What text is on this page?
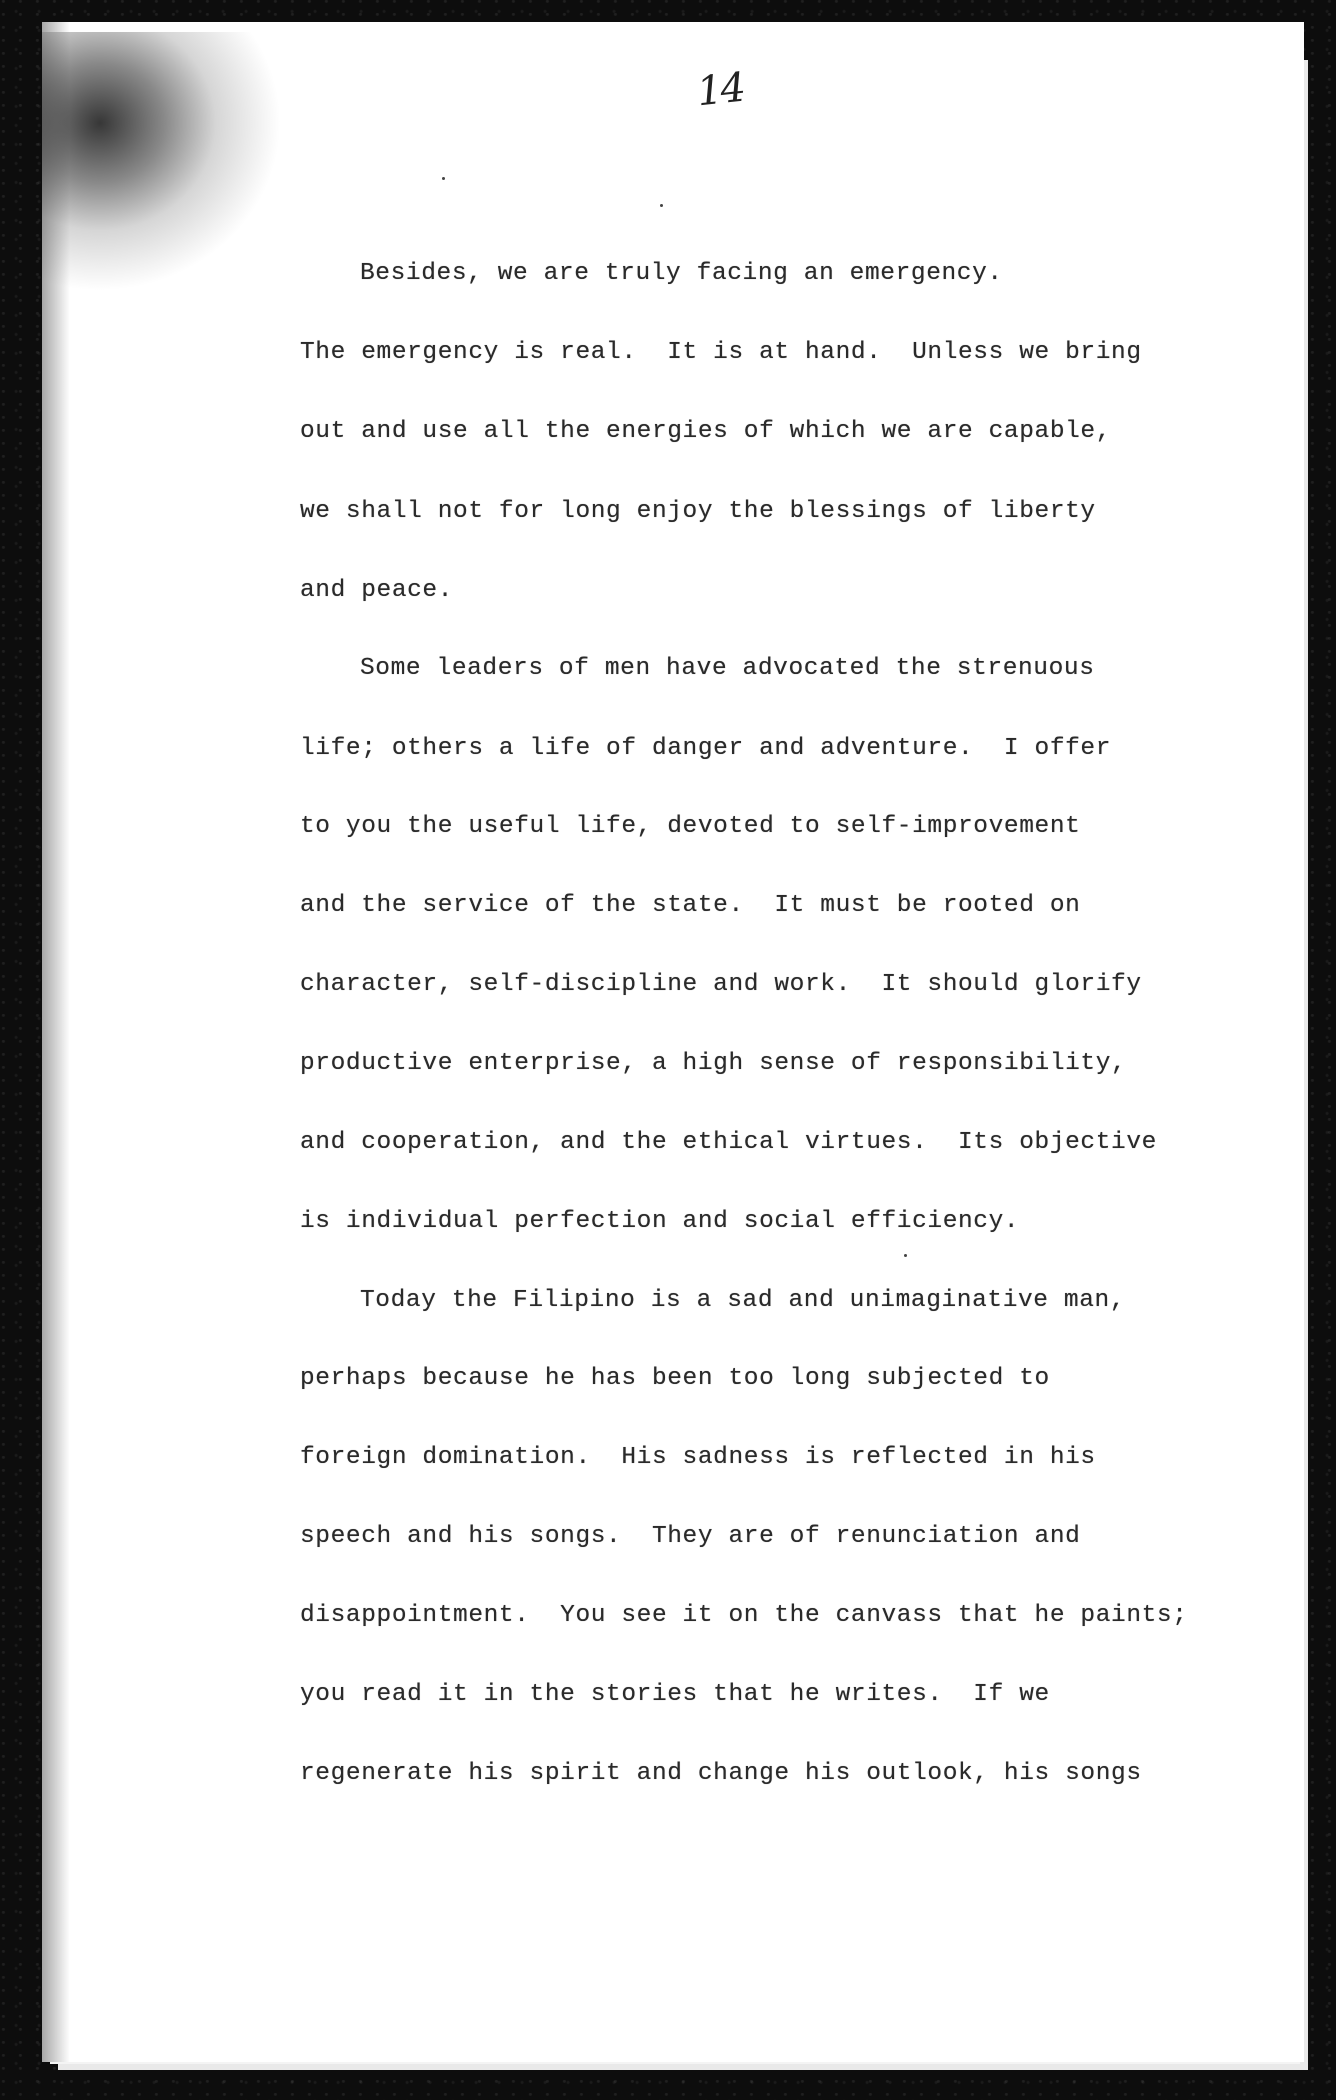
14
Besides, we are truly facing an emergency.
The emergency is real.  It is at hand.  Unless we bring
out and use all the energies of which we are capable,
we shall not for long enjoy the blessings of liberty
and peace.
Some leaders of men have advocated the strenuous
life; others a life of danger and adventure.  I offer
to you the useful life, devoted to self-improvement
and the service of the state.  It must be rooted on
character, self-discipline and work.  It should glorify
productive enterprise, a high sense of responsibility,
and cooperation, and the ethical virtues.  Its objective
is individual perfection and social efficiency.
Today the Filipino is a sad and unimaginative man,
perhaps because he has been too long subjected to
foreign domination.  His sadness is reflected in his
speech and his songs.  They are of renunciation and
disappointment.  You see it on the canvass that he paints;
you read it in the stories that he writes.  If we
regenerate his spirit and change his outlook, his songs
